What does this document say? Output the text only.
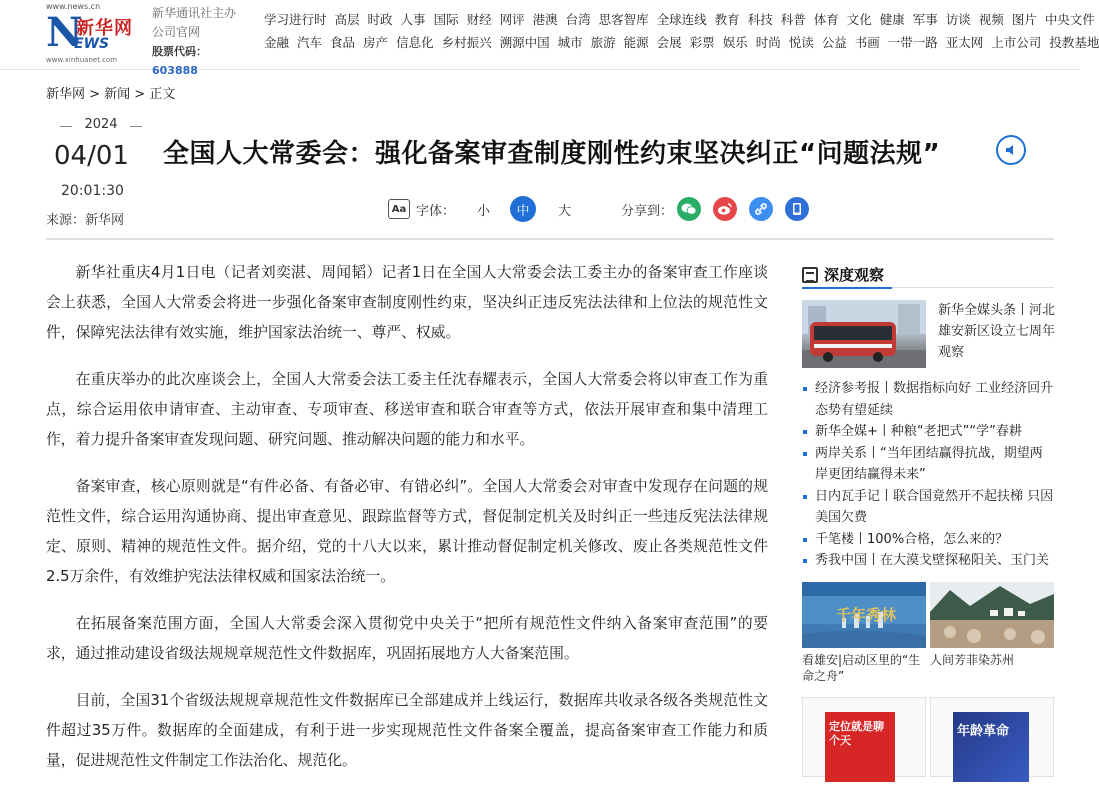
www.news.cn
N
新华网
EWS
www.xinhuanet.com
新华通讯社主办
公司官网
股票代码：603888
学习进行时 高层 时政 人事 国际 财经 网评 港澳 台湾 思客智库 全球连线 教育 科技 科普 体育 文化 健康 军事 访谈 视频 图片 中央文件
金融 汽车 食品 房产 信息化 乡村振兴 溯源中国 城市 旅游 能源 会展 彩票 娱乐 时尚 悦读 公益 书画 一带一路 亚太网 上市公司 投教基地
新华网 > 新闻 > 正文
2024
04/01
20:01:30
来源：新华网
全国人大常委会：强化备案审查制度刚性约束坚决纠正“问题法规”
Aa 字体： 小	中	大	分享到：

新华社重庆4月1日电（记者刘奕湛、周闻韬）记者1日在全国人大常委会法工委主办的备案审查工作座谈会上获悉，全国人大常委会将进一步强化备案审查制度刚性约束，坚决纠正违反宪法法律和上位法的规范性文件，保障宪法法律有效实施，维护国家法治统一、尊严、权威。

在重庆举办的此次座谈会上，全国人大常委会法工委主任沈春耀表示，全国人大常委会将以审查工作为重点，综合运用依申请审查、主动审查、专项审查、移送审查和联合审查等方式，依法开展审查和集中清理工作，着力提升备案审查发现问题、研究问题、推动解决问题的能力和水平。

备案审查，核心原则就是“有件必备、有备必审、有错必纠”。全国人大常委会对审查中发现存在问题的规范性文件，综合运用沟通协商、提出审查意见、跟踪监督等方式，督促制定机关及时纠正一些违反宪法法律规定、原则、精神的规范性文件。据介绍，党的十八大以来，累计推动督促制定机关修改、废止各类规范性文件2.5万余件，有效维护宪法法律权威和国家法治统一。

在拓展备案范围方面，全国人大常委会深入贯彻党中央关于“把所有规范性文件纳入备案审查范围”的要求，通过推动建设省级法规规章规范性文件数据库，巩固拓展地方人大备案范围。

目前，全国31个省级法规规章规范性文件数据库已全部建成并上线运行，数据库共收录各级各类规范性文件超过35万件。数据库的全面建成，有利于进一步实现规范性文件备案全覆盖，提高备案审查工作能力和质量，促进规范性文件制定工作法治化、规范化。

深度观察
新华全媒头条丨河北雄安新区设立七周年观察
经济参考报丨数据指标向好 工业经济回升态势有望延续
新华全媒+丨种粮“老把式”“学”春耕
两岸关系丨“当年团结赢得抗战，期望两岸更团结赢得未来”
日内瓦手记丨联合国竟然开不起扶梯 只因美国欠费
千笔楼丨100%合格，怎么来的？
秀我中国丨在大漠戈壁探秘阳关、玉门关
千年秀林
看雄安|启动区里的“生命之舟”
人间芳菲染苏州
定位就是聊个天
年龄革命
